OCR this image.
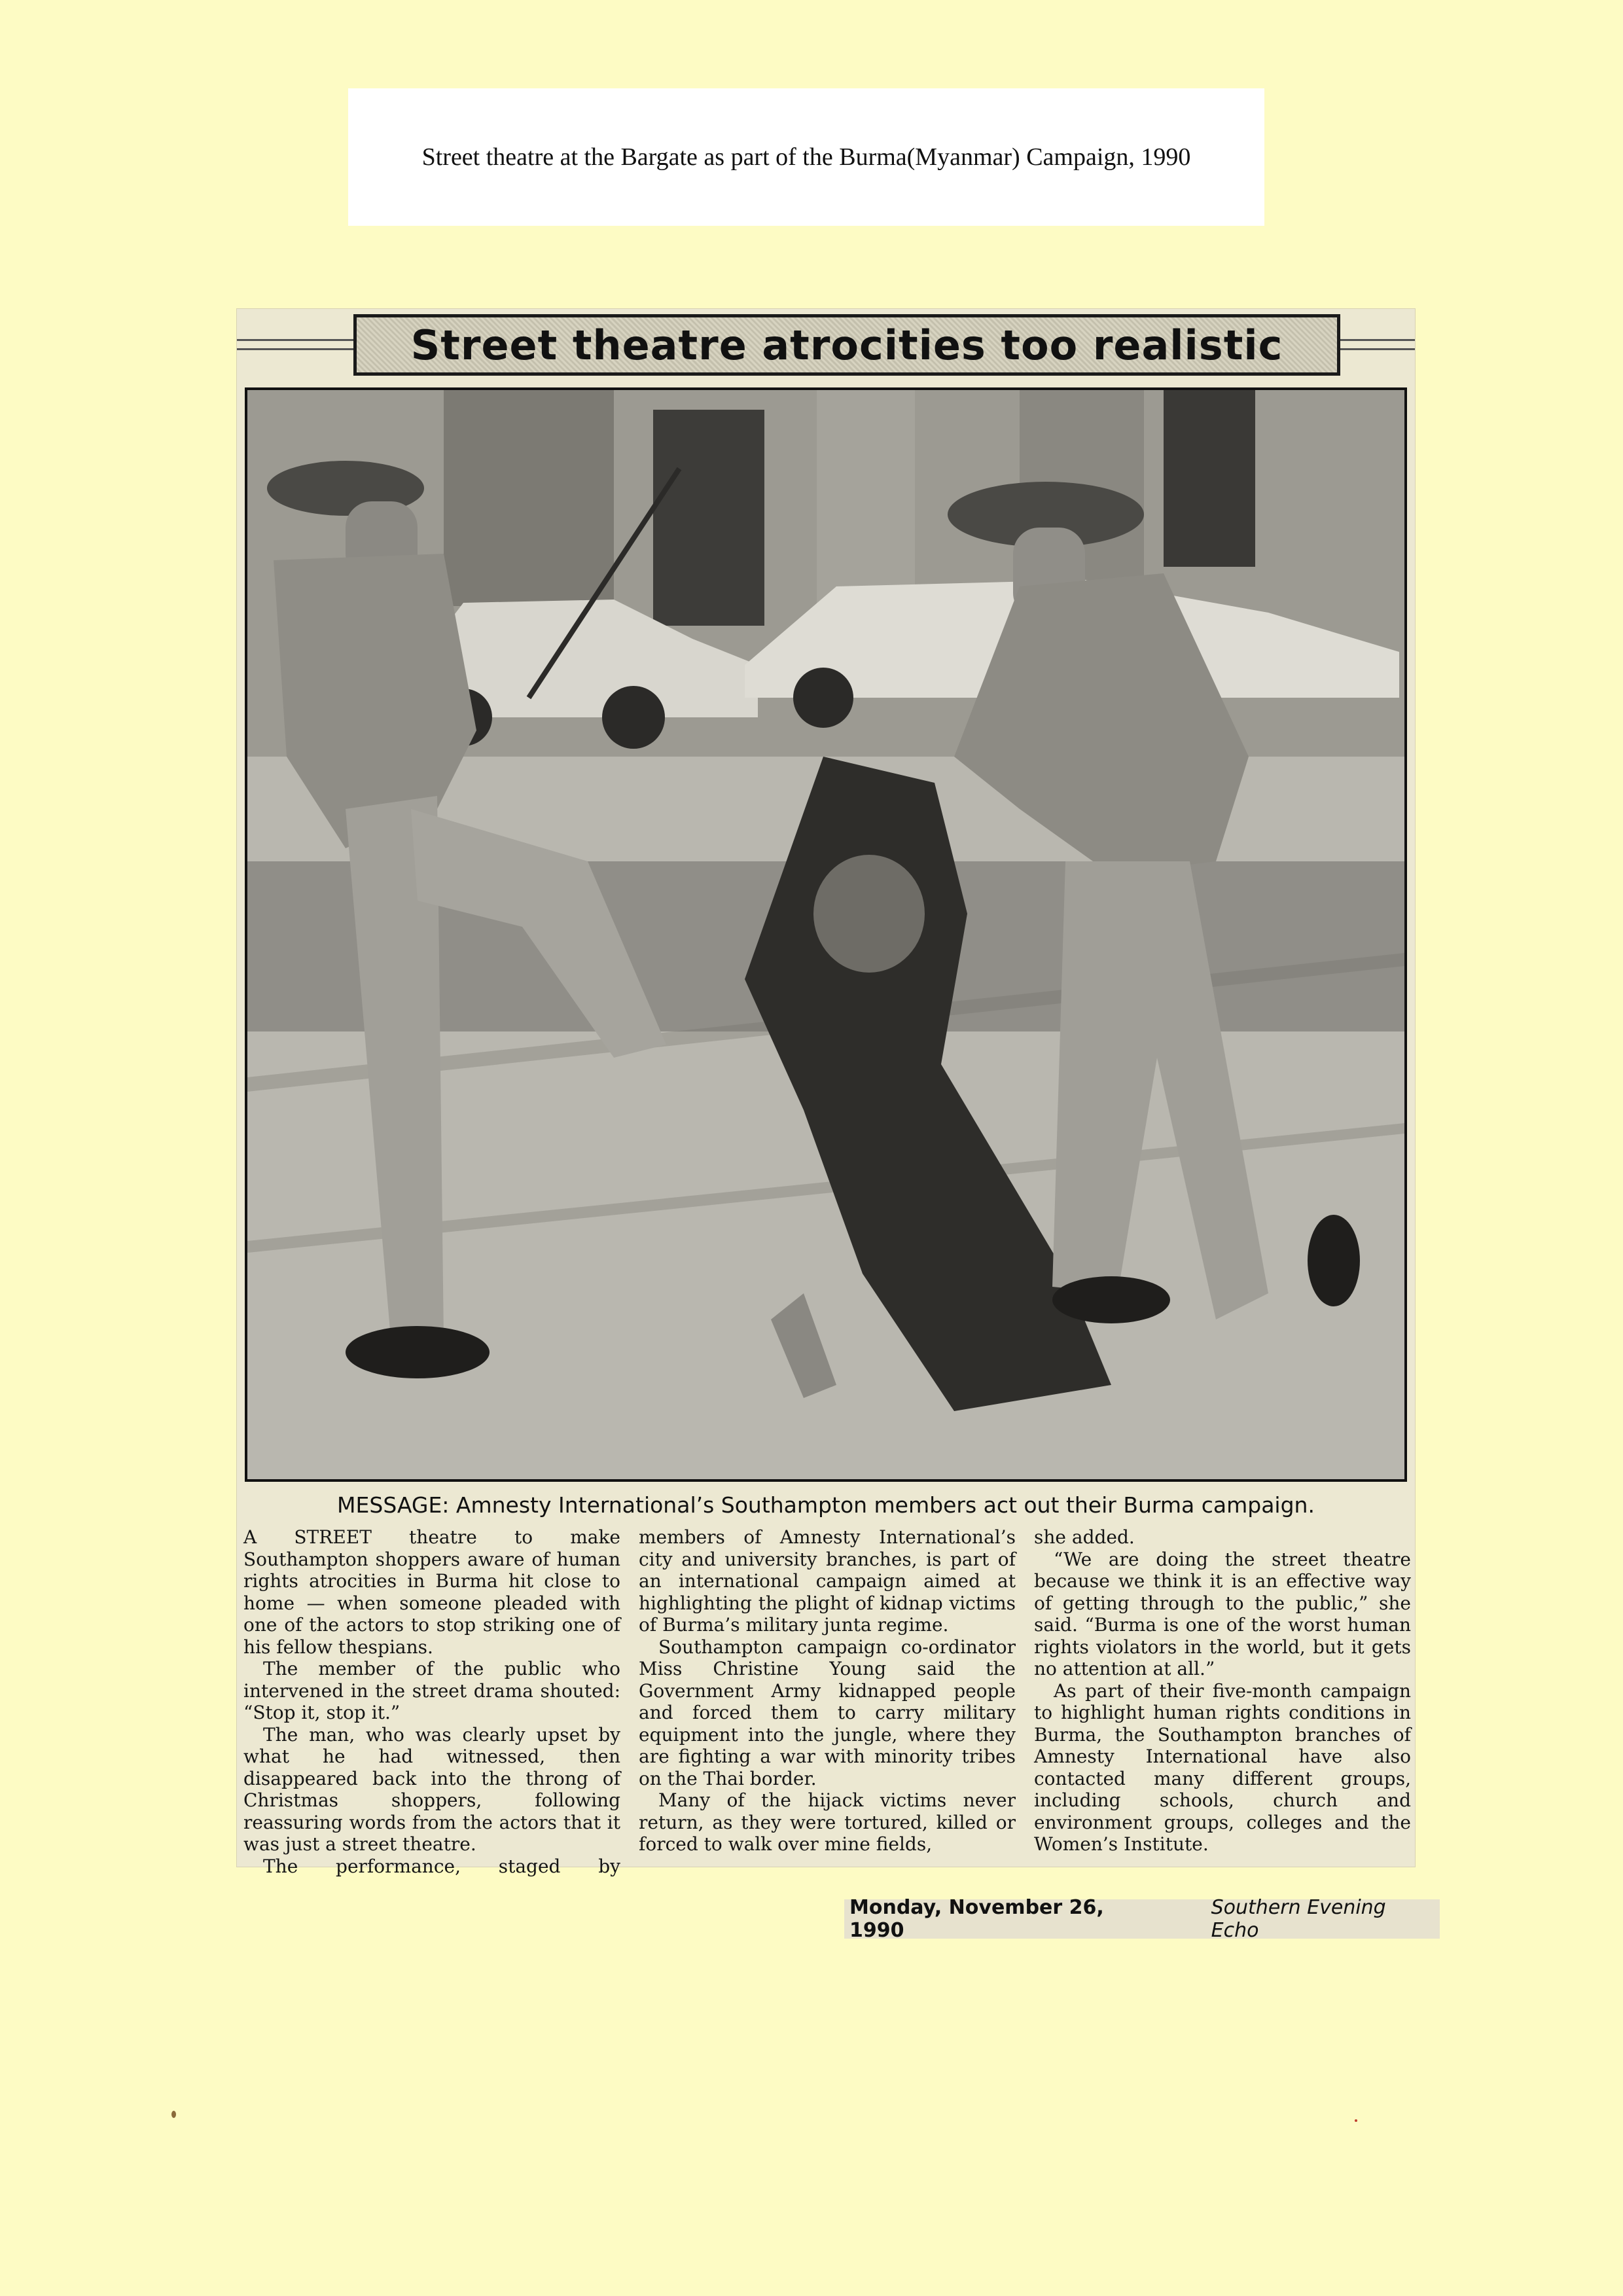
Street theatre at the Bargate as part of the Burma(Myanmar) Campaign, 1990
Street theatre atrocities too realistic
MESSAGE: Amnesty International’s Southampton members act out their Burma campaign.

A STREET theatre to make Southampton shoppers aware of human rights atrocities in Burma hit close to home — when someone pleaded with one of the actors to stop striking one of his fellow thespians.

The member of the public who intervened in the street drama shouted: “Stop it, stop it.”

The man, who was clearly upset by what he had witnessed, then disappeared back into the throng of Christmas shoppers, following reassuring words from the actors that it was just a street theatre.

The performance, staged by

members of Amnesty International’s city and university branches, is part of an international campaign aimed at highlighting the plight of kidnap victims of Burma’s military junta regime.

Southampton campaign co-ordinator Miss Christine Young said the Government Army kidnapped people and forced them to carry military equipment into the jungle, where they are fighting a war with minority tribes on the Thai border.

Many of the hijack victims never return, as they were tortured, killed or forced to walk over mine fields,

she added.

“We are doing the street theatre because we think it is an effective way of getting through to the public,” she said. “Burma is one of the worst human rights violators in the world, but it gets no attention at all.”

As part of their five-month campaign to highlight human rights conditions in Burma, the Southampton branches of Amnesty International have also contacted many different groups, including schools, church and environment groups, colleges and the Women’s Institute.

Monday, November 26, 1990
Southern Evening Echo
